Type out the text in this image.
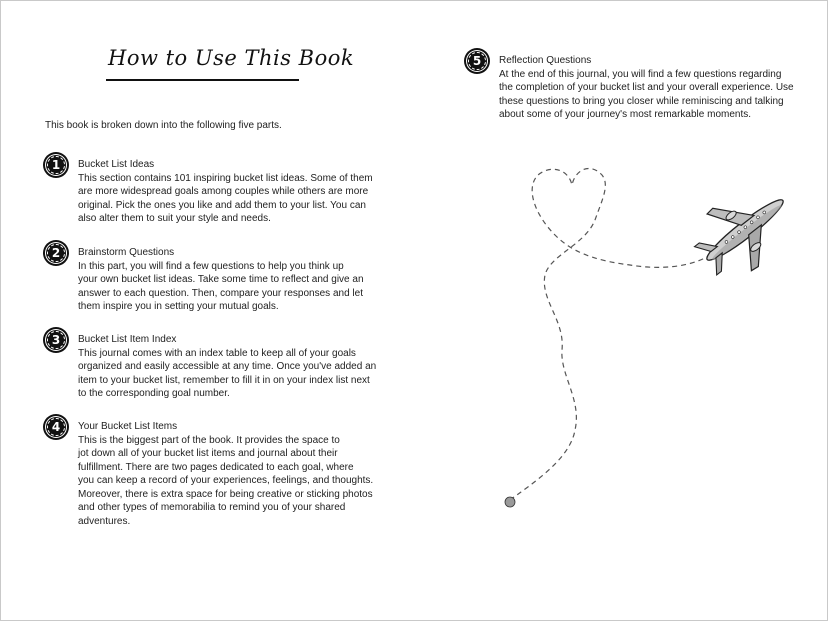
How to Use This Book
This book is broken down into the following five parts.
1 Bucket List Ideas
This section contains 101 inspiring bucket list ideas. Some of them
are more widespread goals among couples while others are more
original. Pick the ones you like and add them to your list. You can
also alter them to suit your style and needs.
2 Brainstorm Questions
In this part, you will find a few questions to help you think up
your own bucket list ideas. Take some time to reflect and give an
answer to each question. Then, compare your responses and let
them inspire you in setting your mutual goals.
3 Bucket List Item Index
This journal comes with an index table to keep all of your goals
organized and easily accessible at any time. Once you've added an
item to your bucket list, remember to fill it in on your index list next
to the corresponding goal number.
4 Your Bucket List Items
This is the biggest part of the book. It provides the space to
jot down all of your bucket list items and journal about their
fulfillment. There are two pages dedicated to each goal, where
you can keep a record of your experiences, feelings, and thoughts.
Moreover, there is extra space for being creative or sticking photos
and other types of memorabilia to remind you of your shared
adventures.
5 Reflection Questions
At the end of this journal, you will find a few questions regarding
the completion of your bucket list and your overall experience. Use
these questions to bring you closer while reminiscing and talking
about some of your journey's most remarkable moments.
